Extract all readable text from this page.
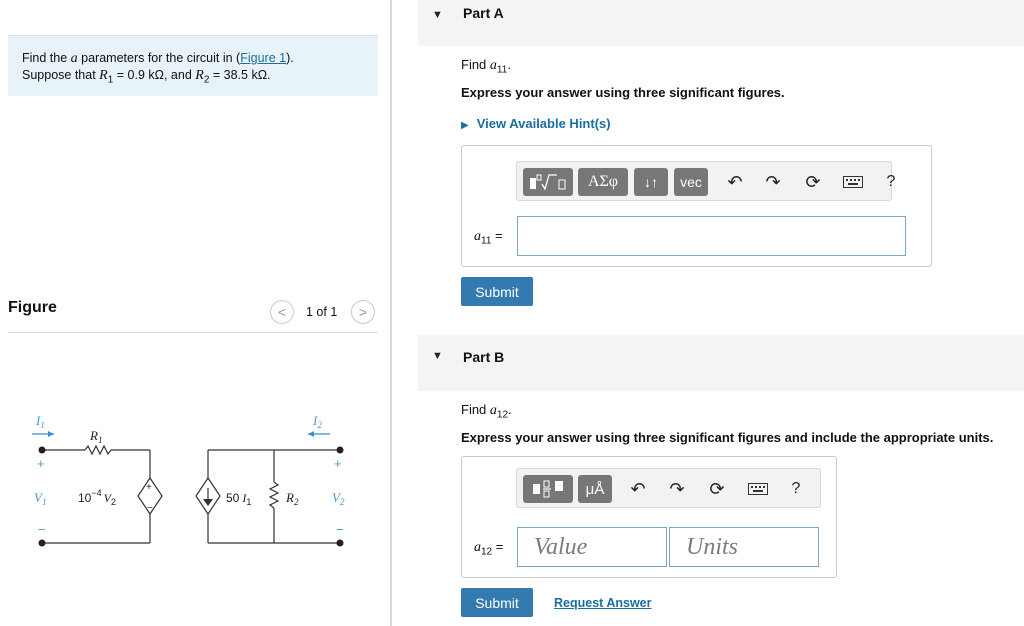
Find the a parameters for the circuit in (Figure 1).
Suppose that $R_1 = 0.9$ kΩ, and $R_2 = 38.5$ kΩ.
Figure	< 1 of 1 >
$I_1$	$I_2$
$V_1$	$V_2$
+
−
+
−
+
−
$R_1$
$10^{-4}$ $V_2$	50 $I_1$	$R_2$
▼ Part A
Find $a_{11}$.
Express your answer using three significant figures.
▶ View Available Hint(s)
ΑΣφ	↓↑	vec	↶ ↷ ⟳	?
$a_{11}$ =
Submit
▼ Part B
Find $a_{12}$.
Express your answer using three significant figures and include the appropriate units.
μÅ	↶ ↷ ⟳	?
$a_{12}$ =
Value
Units
Submit	Request Answer
